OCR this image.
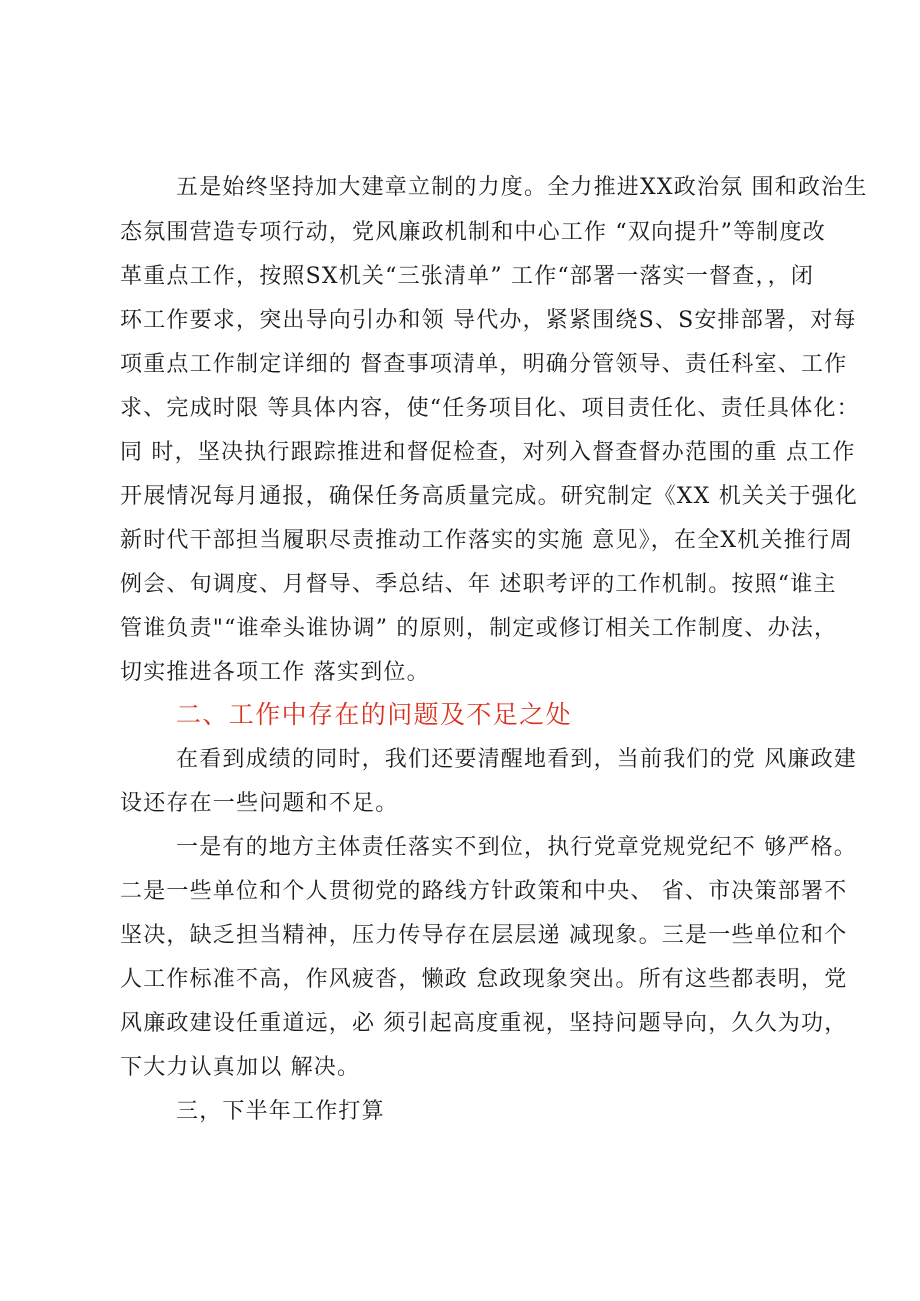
五是始终坚持加大建章立制的力度。全力推进XX政治氛 围和政治生
态氛围营造专项行动，党风廉政机制和中心工作 “双向提升”等制度改
革重点工作，按照SX机关“三张清单” 工作“部署一落实一督查，，闭
环工作要求，突出导向引办和领 导代办，紧紧围绕S、S安排部署，对每
项重点工作制定详细的 督查事项清单，明确分管领导、责任科室、工作
求、完成时限 等具体内容，使“任务项目化、项目责任化、责任具体化：
同 时，坚决执行跟踪推进和督促检查，对列入督查督办范围的重 点工作
开展情况每月通报，确保任务高质量完成。研究制定《XX 机关关于强化
新时代干部担当履职尽责推动工作落实的实施 意见》，在全X机关推行周
例会、旬调度、月督导、季总结、年 述职考评的工作机制。按照“谁主
管谁负责"“谁牵头谁协调” 的原则，制定或修订相关工作制度、办法，
切实推进各项工作 落实到位。
二、工作中存在的问题及不足之处
在看到成绩的同时，我们还要清醒地看到，当前我们的党 风廉政建
设还存在一些问题和不足。
一是有的地方主体责任落实不到位，执行党章党规党纪不 够严格。
二是一些单位和个人贯彻党的路线方针政策和中央、 省、市决策部署不
坚决，缺乏担当精神，压力传导存在层层递 减现象。三是一些单位和个
人工作标准不高，作风疲沓，懒政 怠政现象突出。所有这些都表明，党
风廉政建设任重道远，必 须引起高度重视，坚持问题导向，久久为功，
下大力认真加以 解决。
三，下半年工作打算
